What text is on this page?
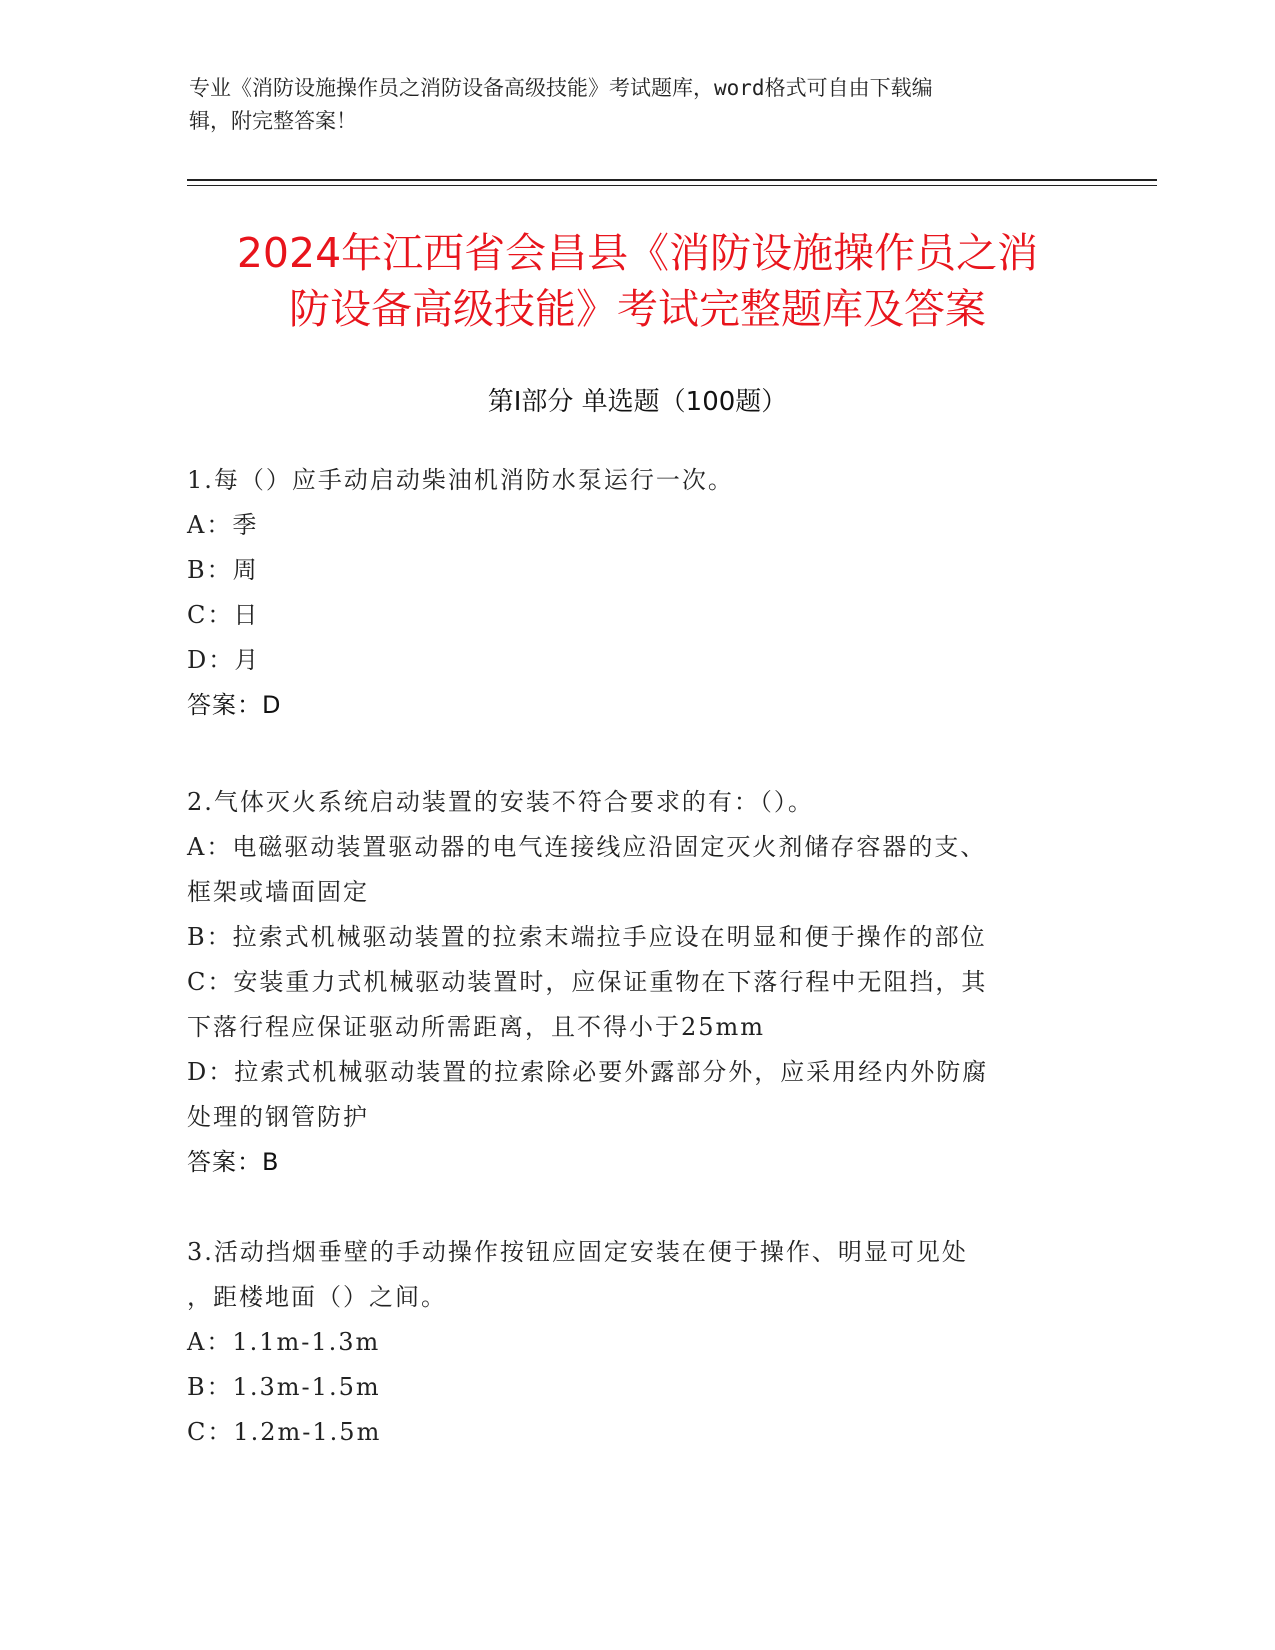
专业《消防设施操作员之消防设备高级技能》考试题库，word格式可自由下载编
辑，附完整答案！
2024年江西省会昌县《消防设施操作员之消
防设备高级技能》考试完整题库及答案
第Ⅰ部分 单选题（100题）
1.每（）应手动启动柴油机消防水泵运行一次。
A：季
B：周
C：日
D：月
答案：D
2.气体灭火系统启动装置的安装不符合要求的有：（）。
A：电磁驱动装置驱动器的电气连接线应沿固定灭火剂储存容器的支、
框架或墙面固定
B：拉索式机械驱动装置的拉索末端拉手应设在明显和便于操作的部位
C：安装重力式机械驱动装置时，应保证重物在下落行程中无阻挡，其
下落行程应保证驱动所需距离，且不得小于25mm
D：拉索式机械驱动装置的拉索除必要外露部分外，应采用经内外防腐
处理的钢管防护
答案：B
3.活动挡烟垂壁的手动操作按钮应固定安装在便于操作、明显可见处
，距楼地面（）之间。
A：1.1m-1.3m
B：1.3m-1.5m
C：1.2m-1.5m
